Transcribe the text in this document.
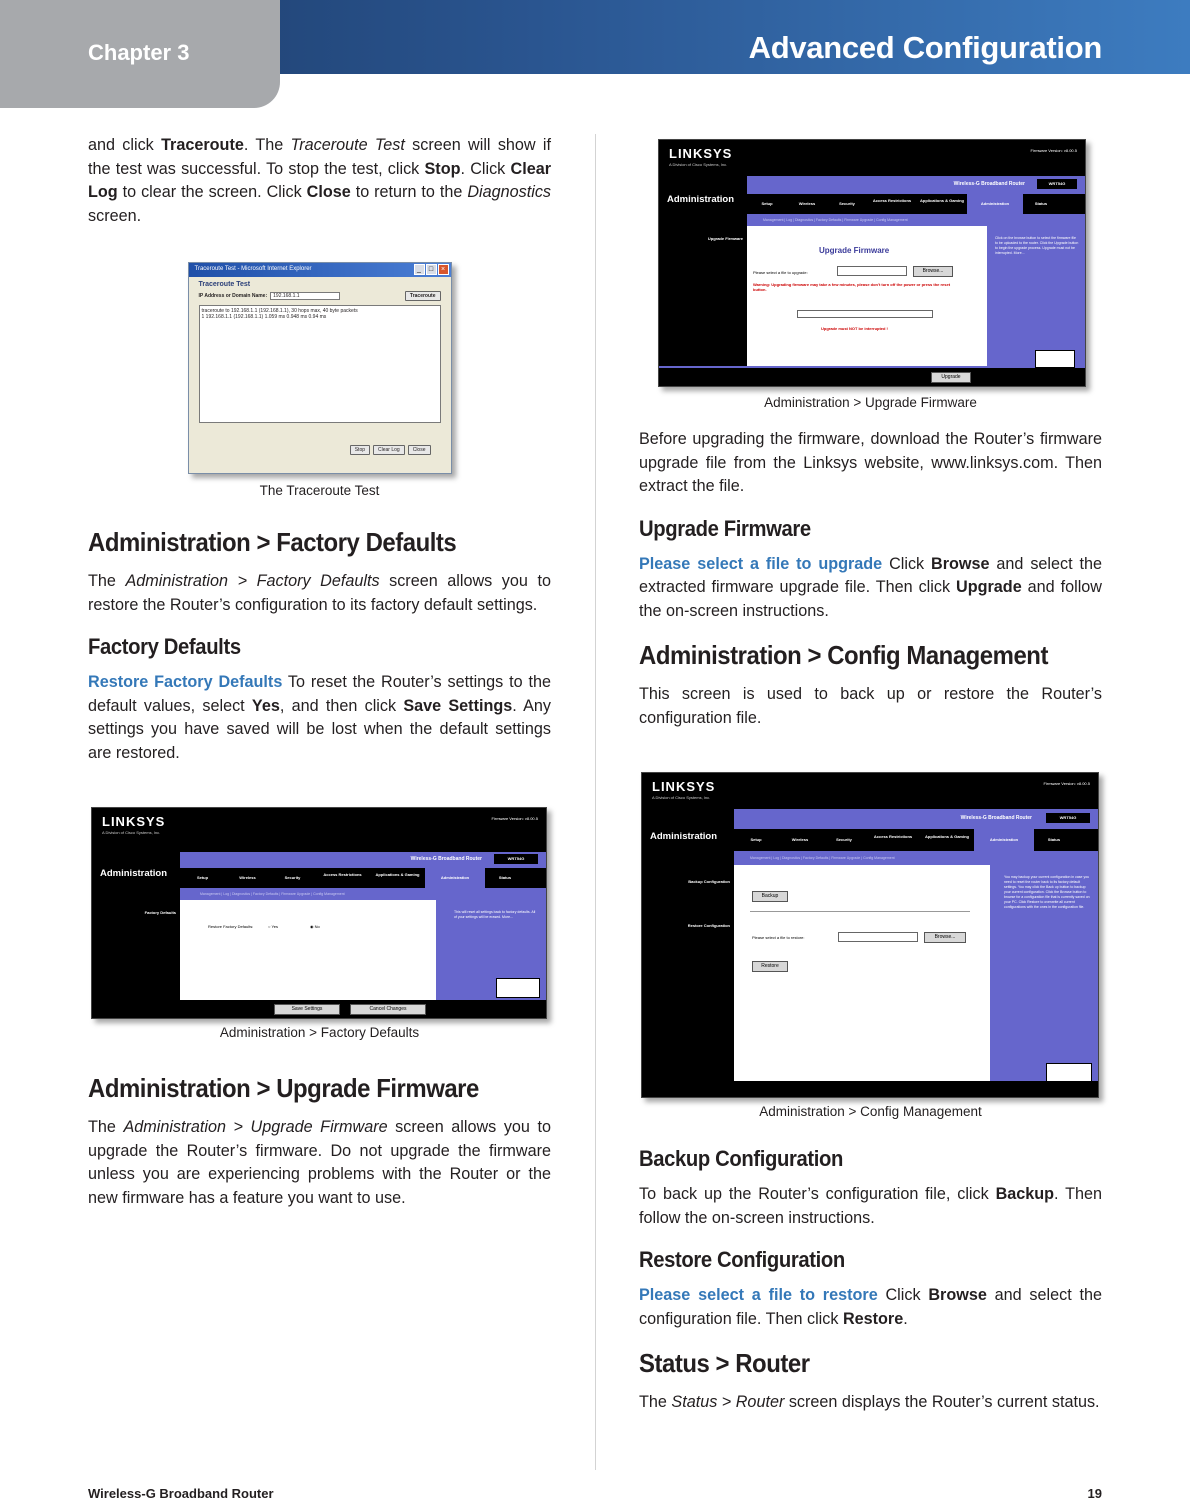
Chapter 3	Advanced Configuration

and click Traceroute. The Traceroute Test screen will show if the test was successful. To stop the test, click Stop. Click Clear Log to clear the screen. Click Close to return to the Diagnostics screen.

Traceroute Test - Microsoft Internet Explorer	_	□	×
Traceroute Test
IP Address or Domain Name:	192.168.1.1	Traceroute
traceroute to 192.168.1.1 (192.168.1.1), 30 hops max, 40 byte packets
1 192.168.1.1 (192.168.1.1) 1.059 ms 0.948 ms 0.94 ms
Stop	Clear Log	Close
The Traceroute Test
Administration > Factory Defaults

The Administration > Factory Defaults screen allows you to restore the Router’s configuration to its factory default settings.

Factory Defaults

Restore Factory Defaults To reset the Router’s settings to the default values, select Yes, and then click Save Settings. Any settings you have saved will be lost when the default settings are restored.

LINKSYS
A Division of Cisco Systems, Inc.
Firmware Version: v8.00.5
Administration
Wireless-G Broadband Router	WRT54G
Setup	Wireless	Security
Access Restrictions	Applications & Gaming
Administration	Status
Management | Log | Diagnostics | Factory Defaults | Firmware Upgrade | Config Management
Factory Defaults
Restore Factory Defaults:	○ Yes	◉ No
This will reset all settings back to factory defaults. All of your settings will be erased. More...
Save Settings	Cancel Changes
Administration > Factory Defaults
Administration > Upgrade Firmware

The Administration > Upgrade Firmware screen allows you to upgrade the Router’s firmware. Do not upgrade the firmware unless you are experiencing problems with the Router or the new firmware has a feature you want to use.

LINKSYS
A Division of Cisco Systems, Inc.
Firmware Version: v8.00.5
Administration
Wireless-G Broadband Router	WRT54G
Setup	Wireless	Security
Access Restrictions	Applications & Gaming
Administration	Status
Management | Log | Diagnostics | Factory Defaults | Firmware Upgrade | Config Management
Upgrade Firmware
Upgrade Firmware
Please select a file to upgrade:	Browse...
Warning: Upgrading firmware may take a few minutes, please don't turn off the power or press the reset button.
Upgrade must NOT be interrupted !
Click on the browse button to select the firmware file to be uploaded to the router. Click the Upgrade button to begin the upgrade process. Upgrade must not be interrupted. More...
Upgrade
Administration > Upgrade Firmware

Before upgrading the firmware, download the Router’s firmware upgrade file from the Linksys website, www.linksys.com. Then extract the file.

Upgrade Firmware

Please select a file to upgrade Click Browse and select the extracted firmware upgrade file. Then click Upgrade and follow the on-screen instructions.

Administration > Config Management

This screen is used to back up or restore the Router’s configuration file.

LINKSYS
A Division of Cisco Systems, Inc.
Firmware Version: v8.00.5
Administration
Wireless-G Broadband Router	WRT54G
Setup	Wireless	Security
Access Restrictions	Applications & Gaming
Administration	Status
Management | Log | Diagnostics | Factory Defaults | Firmware Upgrade | Config Management
Backup Configuration
Restore Configuration
Backup
Please select a file to restore:	Browse...
Restore
You may backup your current configuration in case you need to reset the router back to its factory default settings. You may click the Back up button to backup your current configuration. Click the Browse button to browse for a configuration file that is currently saved on your PC. Click Restore to overwrite all current configurations with the ones in the configuration file.
Administration > Config Management
Backup Configuration

To back up the Router’s configuration file, click Backup. Then follow the on-screen instructions.

Restore Configuration

Please select a file to restore Click Browse and select the configuration file. Then click Restore.

Status > Router

The Status > Router screen displays the Router’s current status.

Wireless-G Broadband Router	19
